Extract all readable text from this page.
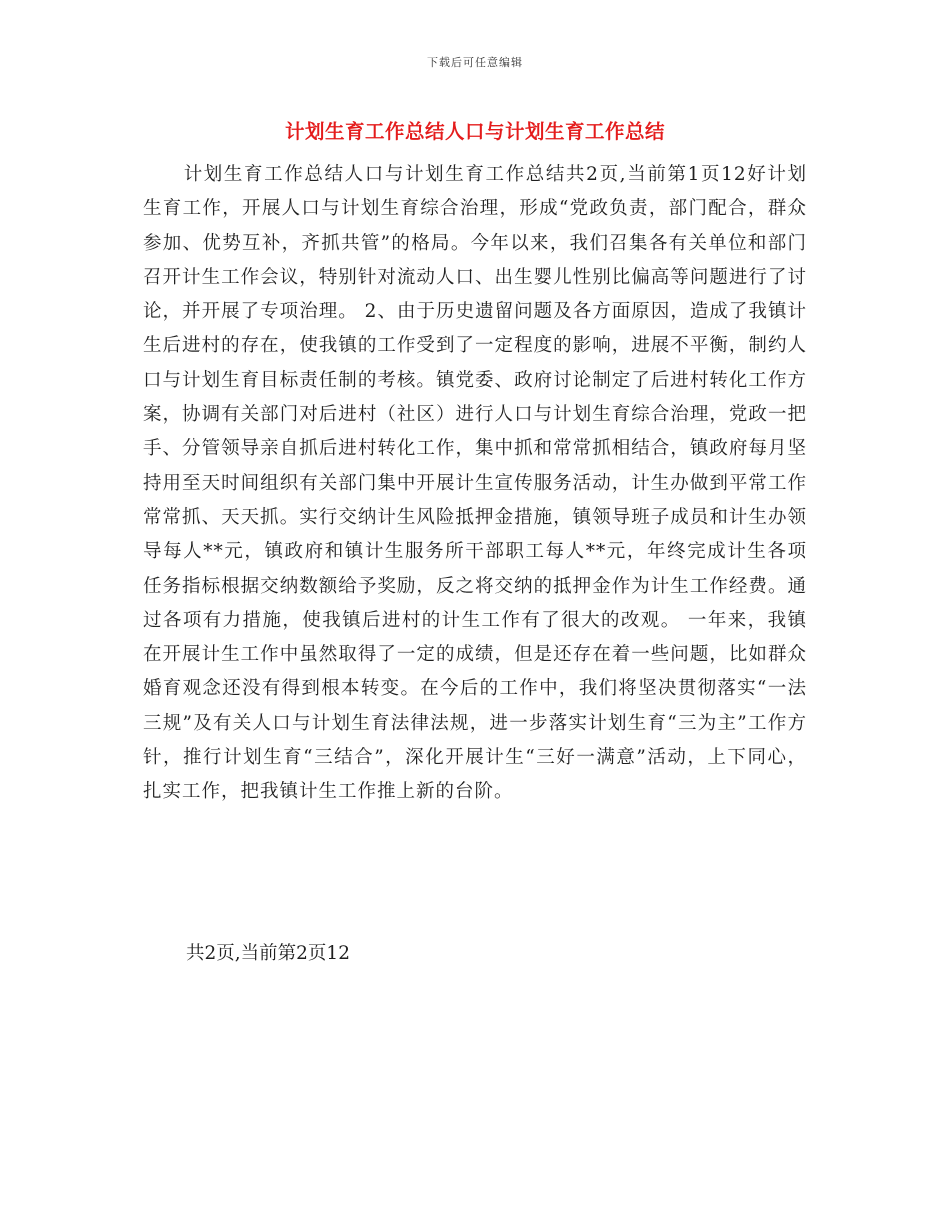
下载后可任意编辑
计划生育工作总结人口与计划生育工作总结

计划生育工作总结人口与计划生育工作总结共2页,当前第1页12好计划生育工作，开展人口与计划生育综合治理，形成“党政负责，部门配合，群众参加、优势互补，齐抓共管”的格局。今年以来，我们召集各有关单位和部门召开计生工作会议，特别针对流动人口、出生婴儿性别比偏高等问题进行了讨论，并开展了专项治理。 2、由于历史遗留问题及各方面原因，造成了我镇计生后进村的存在，使我镇的工作受到了一定程度的影响，进展不平衡，制约人口与计划生育目标责任制的考核。镇党委、政府讨论制定了后进村转化工作方案，协调有关部门对后进村（社区）进行人口与计划生育综合治理，党政一把手、分管领导亲自抓后进村转化工作，集中抓和常常抓相结合，镇政府每月坚持用至天时间组织有关部门集中开展计生宣传服务活动，计生办做到平常工作常常抓、天天抓。实行交纳计生风险抵押金措施，镇领导班子成员和计生办领导每人**元，镇政府和镇计生服务所干部职工每人**元，年终完成计生各项任务指标根据交纳数额给予奖励，反之将交纳的抵押金作为计生工作经费。通过各项有力措施，使我镇后进村的计生工作有了很大的改观。 一年来，我镇在开展计生工作中虽然取得了一定的成绩，但是还存在着一些问题，比如群众婚育观念还没有得到根本转变。在今后的工作中，我们将坚决贯彻落实“一法三规”及有关人口与计划生育法律法规，进一步落实计划生育“三为主”工作方针，推行计划生育“三结合”，深化开展计生“三好一满意”活动，上下同心，扎实工作，把我镇计生工作推上新的台阶。

共2页,当前第2页12
